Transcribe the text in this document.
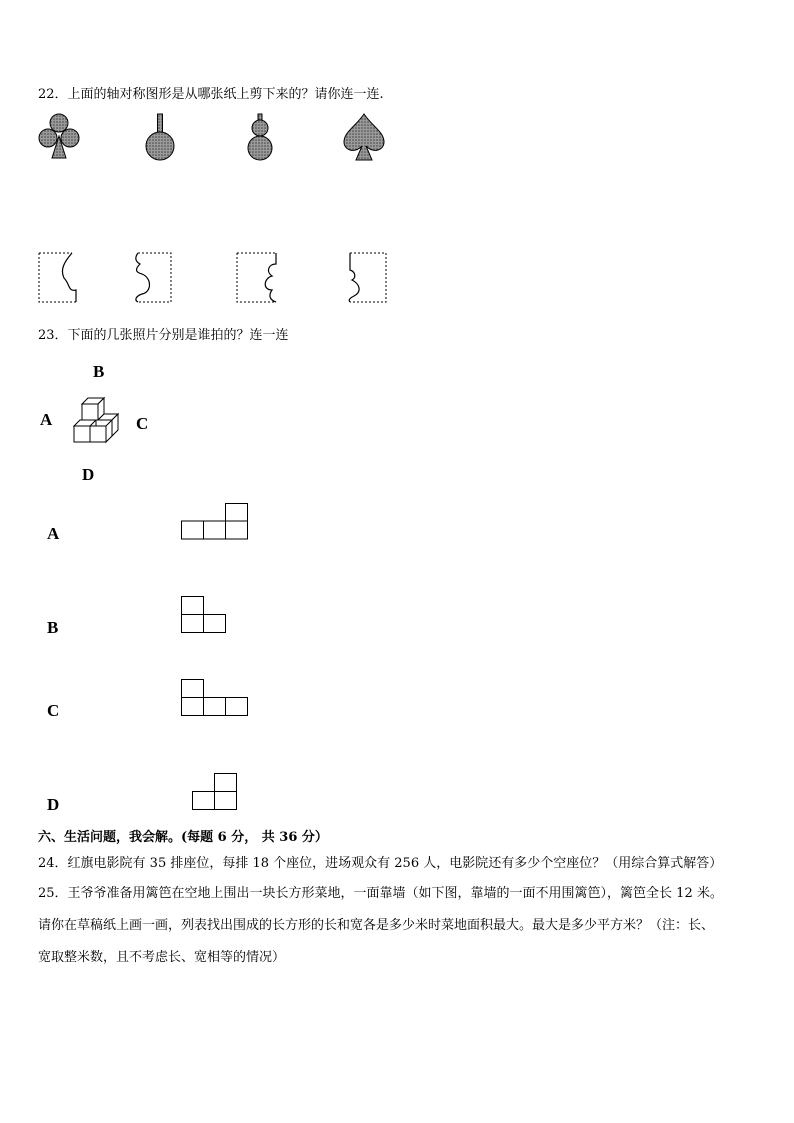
22．上面的轴对称图形是从哪张纸上剪下来的？请你连一连.
23．下面的几张照片分别是谁拍的？连一连
B
A	C
D
A
B
C
D
六、生活问题，我会解。(每题 6 分， 共 36 分）
24．红旗电影院有 35 排座位，每排 18 个座位，进场观众有 256 人，电影院还有多少个空座位？（用综合算式解答）
25．王爷爷准备用篱笆在空地上围出一块长方形菜地，一面靠墙（如下图，靠墙的一面不用围篱笆），篱笆全长 12 米。
请你在草稿纸上画一画，列表找出围成的长方形的长和宽各是多少米时菜地面积最大。最大是多少平方米？（注：长、
宽取整米数，且不考虑长、宽相等的情况）
